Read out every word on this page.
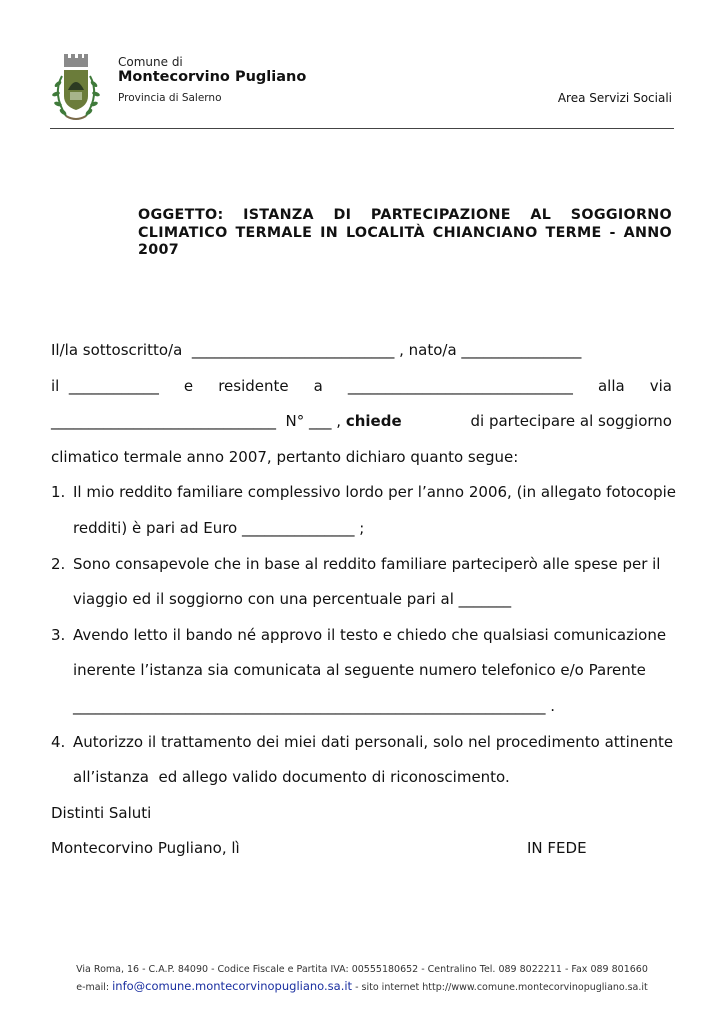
Comune di
Montecorvino Pugliano
Provincia di Salerno	Area Servizi Sociali
OGGETTO: ISTANZA DI PARTECIPAZIONE AL SOGGIORNO CLIMATICO TERMALE IN LOCALITÀ CHIANCIANO TERME - ANNO 2007
Il/la sottoscritto/a  ___________________________ , nato/a ________________
il  ____________ e residente a ______________________________ alla via
______________________________  N° ___ ,
chiede	di partecipare al soggiorno
climatico termale anno 2007, pertanto dichiaro quanto segue:
1. Il mio reddito familiare complessivo lordo per l’anno 2006, (in allegato fotocopie
redditi) è pari ad Euro _______________ ;
2. Sono consapevole che in base al reddito familiare parteciperò alle spese per il
viaggio ed il soggiorno con una percentuale pari al _______
3. Avendo letto il bando né approvo il testo e chiedo che qualsiasi comunicazione
inerente l’istanza sia comunicata al seguente numero telefonico e/o Parente
_______________________________________________________________ .
4. Autorizzo il trattamento dei miei dati personali, solo nel procedimento attinente
all’istanza  ed allego valido documento di riconoscimento.
Distinti Saluti
Montecorvino Pugliano, lì	IN FEDE
Via Roma, 16 - C.A.P. 84090 - Codice Fiscale e Partita IVA: 00555180652 - Centralino Tel. 089 8022211 - Fax 089 801660
e-mail: info@comune.montecorvinopugliano.sa.it - sito internet http://www.comune.montecorvinopugliano.sa.it
